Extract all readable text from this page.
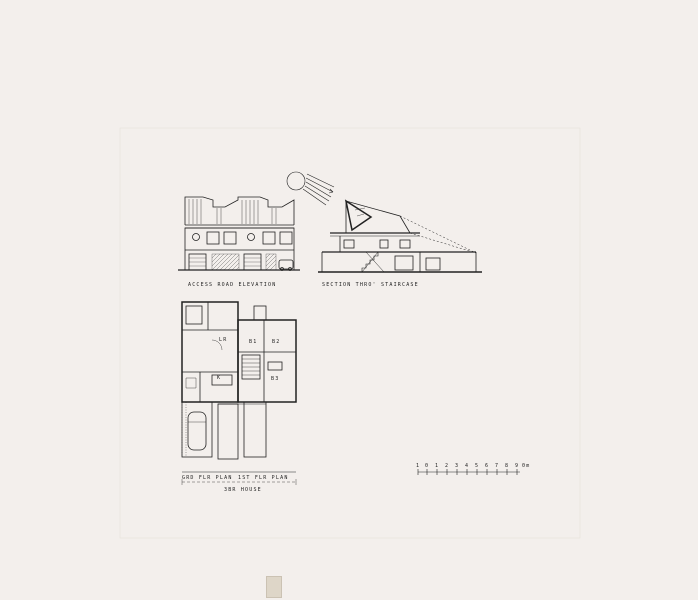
ACCESS ROAD ELEVATION	SECTION THRO' STAIRCASE
LR
K
B1	B2
B3
GRD FLR PLAN 1ST FLR PLAN
3BR HOUSE
1 0 1 2 3 4 5 6 7 8 9 0m
